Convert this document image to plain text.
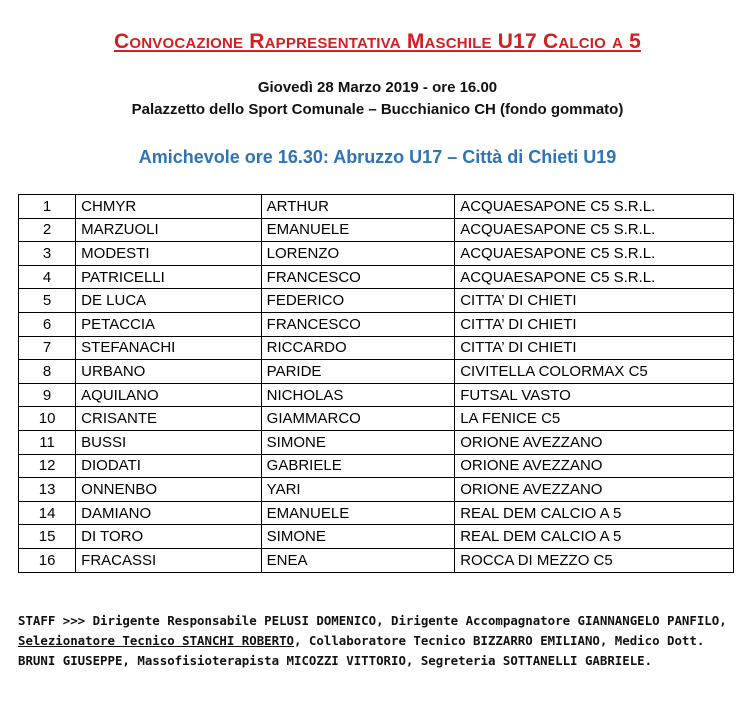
Convocazione Rappresentativa Maschile U17 Calcio a 5
Giovedì 28 Marzo 2019 - ore 16.00
Palazzetto dello Sport Comunale – Bucchianico CH (fondo gommato)
Amichevole ore 16.30: Abruzzo U17 – Città di Chieti U19
1	CHMYR	ARTHUR	ACQUAESAPONE C5 S.R.L.
2	MARZUOLI	EMANUELE	ACQUAESAPONE C5 S.R.L.
3	MODESTI	LORENZO	ACQUAESAPONE C5 S.R.L.
4	PATRICELLI	FRANCESCO	ACQUAESAPONE C5 S.R.L.
5	DE LUCA	FEDERICO	CITTA’ DI CHIETI
6	PETACCIA	FRANCESCO	CITTA’ DI CHIETI
7	STEFANACHI	RICCARDO	CITTA’ DI CHIETI
8	URBANO	PARIDE	CIVITELLA COLORMAX C5
9	AQUILANO	NICHOLAS	FUTSAL VASTO
10	CRISANTE	GIAMMARCO	LA FENICE C5
11	BUSSI	SIMONE	ORIONE AVEZZANO
12	DIODATI	GABRIELE	ORIONE AVEZZANO
13	ONNENBO	YARI	ORIONE AVEZZANO
14	DAMIANO	EMANUELE	REAL DEM CALCIO A 5
15	DI TORO	SIMONE	REAL DEM CALCIO A 5
16	FRACASSI	ENEA	ROCCA DI MEZZO C5
STAFF >>> Dirigente Responsabile PELUSI DOMENICO, Dirigente Accompagnatore GIANNANGELO PANFILO, Selezionatore Tecnico STANCHI ROBERTO, Collaboratore Tecnico BIZZARRO EMILIANO, Medico Dott. BRUNI GIUSEPPE, Massofisioterapista MICOZZI VITTORIO, Segreteria SOTTANELLI GABRIELE.
